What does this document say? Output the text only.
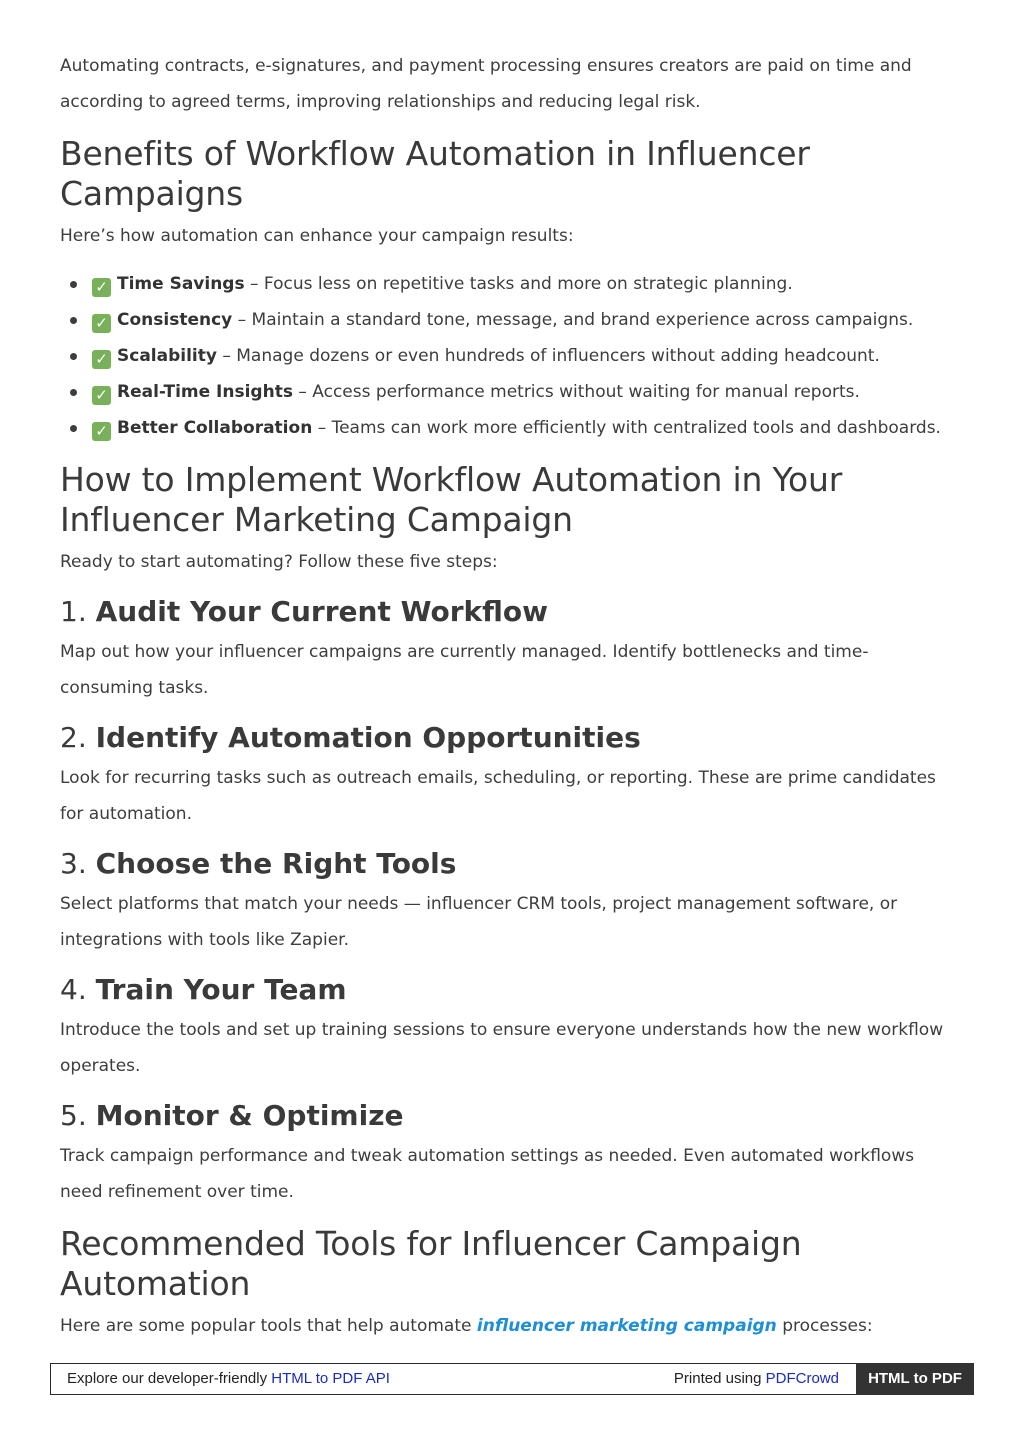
Automating contracts, e-signatures, and payment processing ensures creators are paid on time and according to agreed terms, improving relationships and reducing legal risk.

Benefits of Workflow Automation in Influencer Campaigns

Here’s how automation can enhance your campaign results:

✓ Time Savings – Focus less on repetitive tasks and more on strategic planning.
✓ Consistency – Maintain a standard tone, message, and brand experience across campaigns.
✓ Scalability – Manage dozens or even hundreds of influencers without adding headcount.
✓ Real-Time Insights – Access performance metrics without waiting for manual reports.
✓ Better Collaboration – Teams can work more efficiently with centralized tools and dashboards.
How to Implement Workflow Automation in Your Influencer Marketing Campaign

Ready to start automating? Follow these five steps:

1. Audit Your Current Workflow

Map out how your influencer campaigns are currently managed. Identify bottlenecks and time-consuming tasks.

2. Identify Automation Opportunities

Look for recurring tasks such as outreach emails, scheduling, or reporting. These are prime candidates for automation.

3. Choose the Right Tools

Select platforms that match your needs — influencer CRM tools, project management software, or integrations with tools like Zapier.

4. Train Your Team

Introduce the tools and set up training sessions to ensure everyone understands how the new workflow operates.

5. Monitor & Optimize

Track campaign performance and tweak automation settings as needed. Even automated workflows need refinement over time.

Recommended Tools for Influencer Campaign Automation

Here are some popular tools that help automate influencer marketing campaign processes:

Explore our developer-friendly HTML to PDF API	Printed using PDFCrowd	HTML to PDF
